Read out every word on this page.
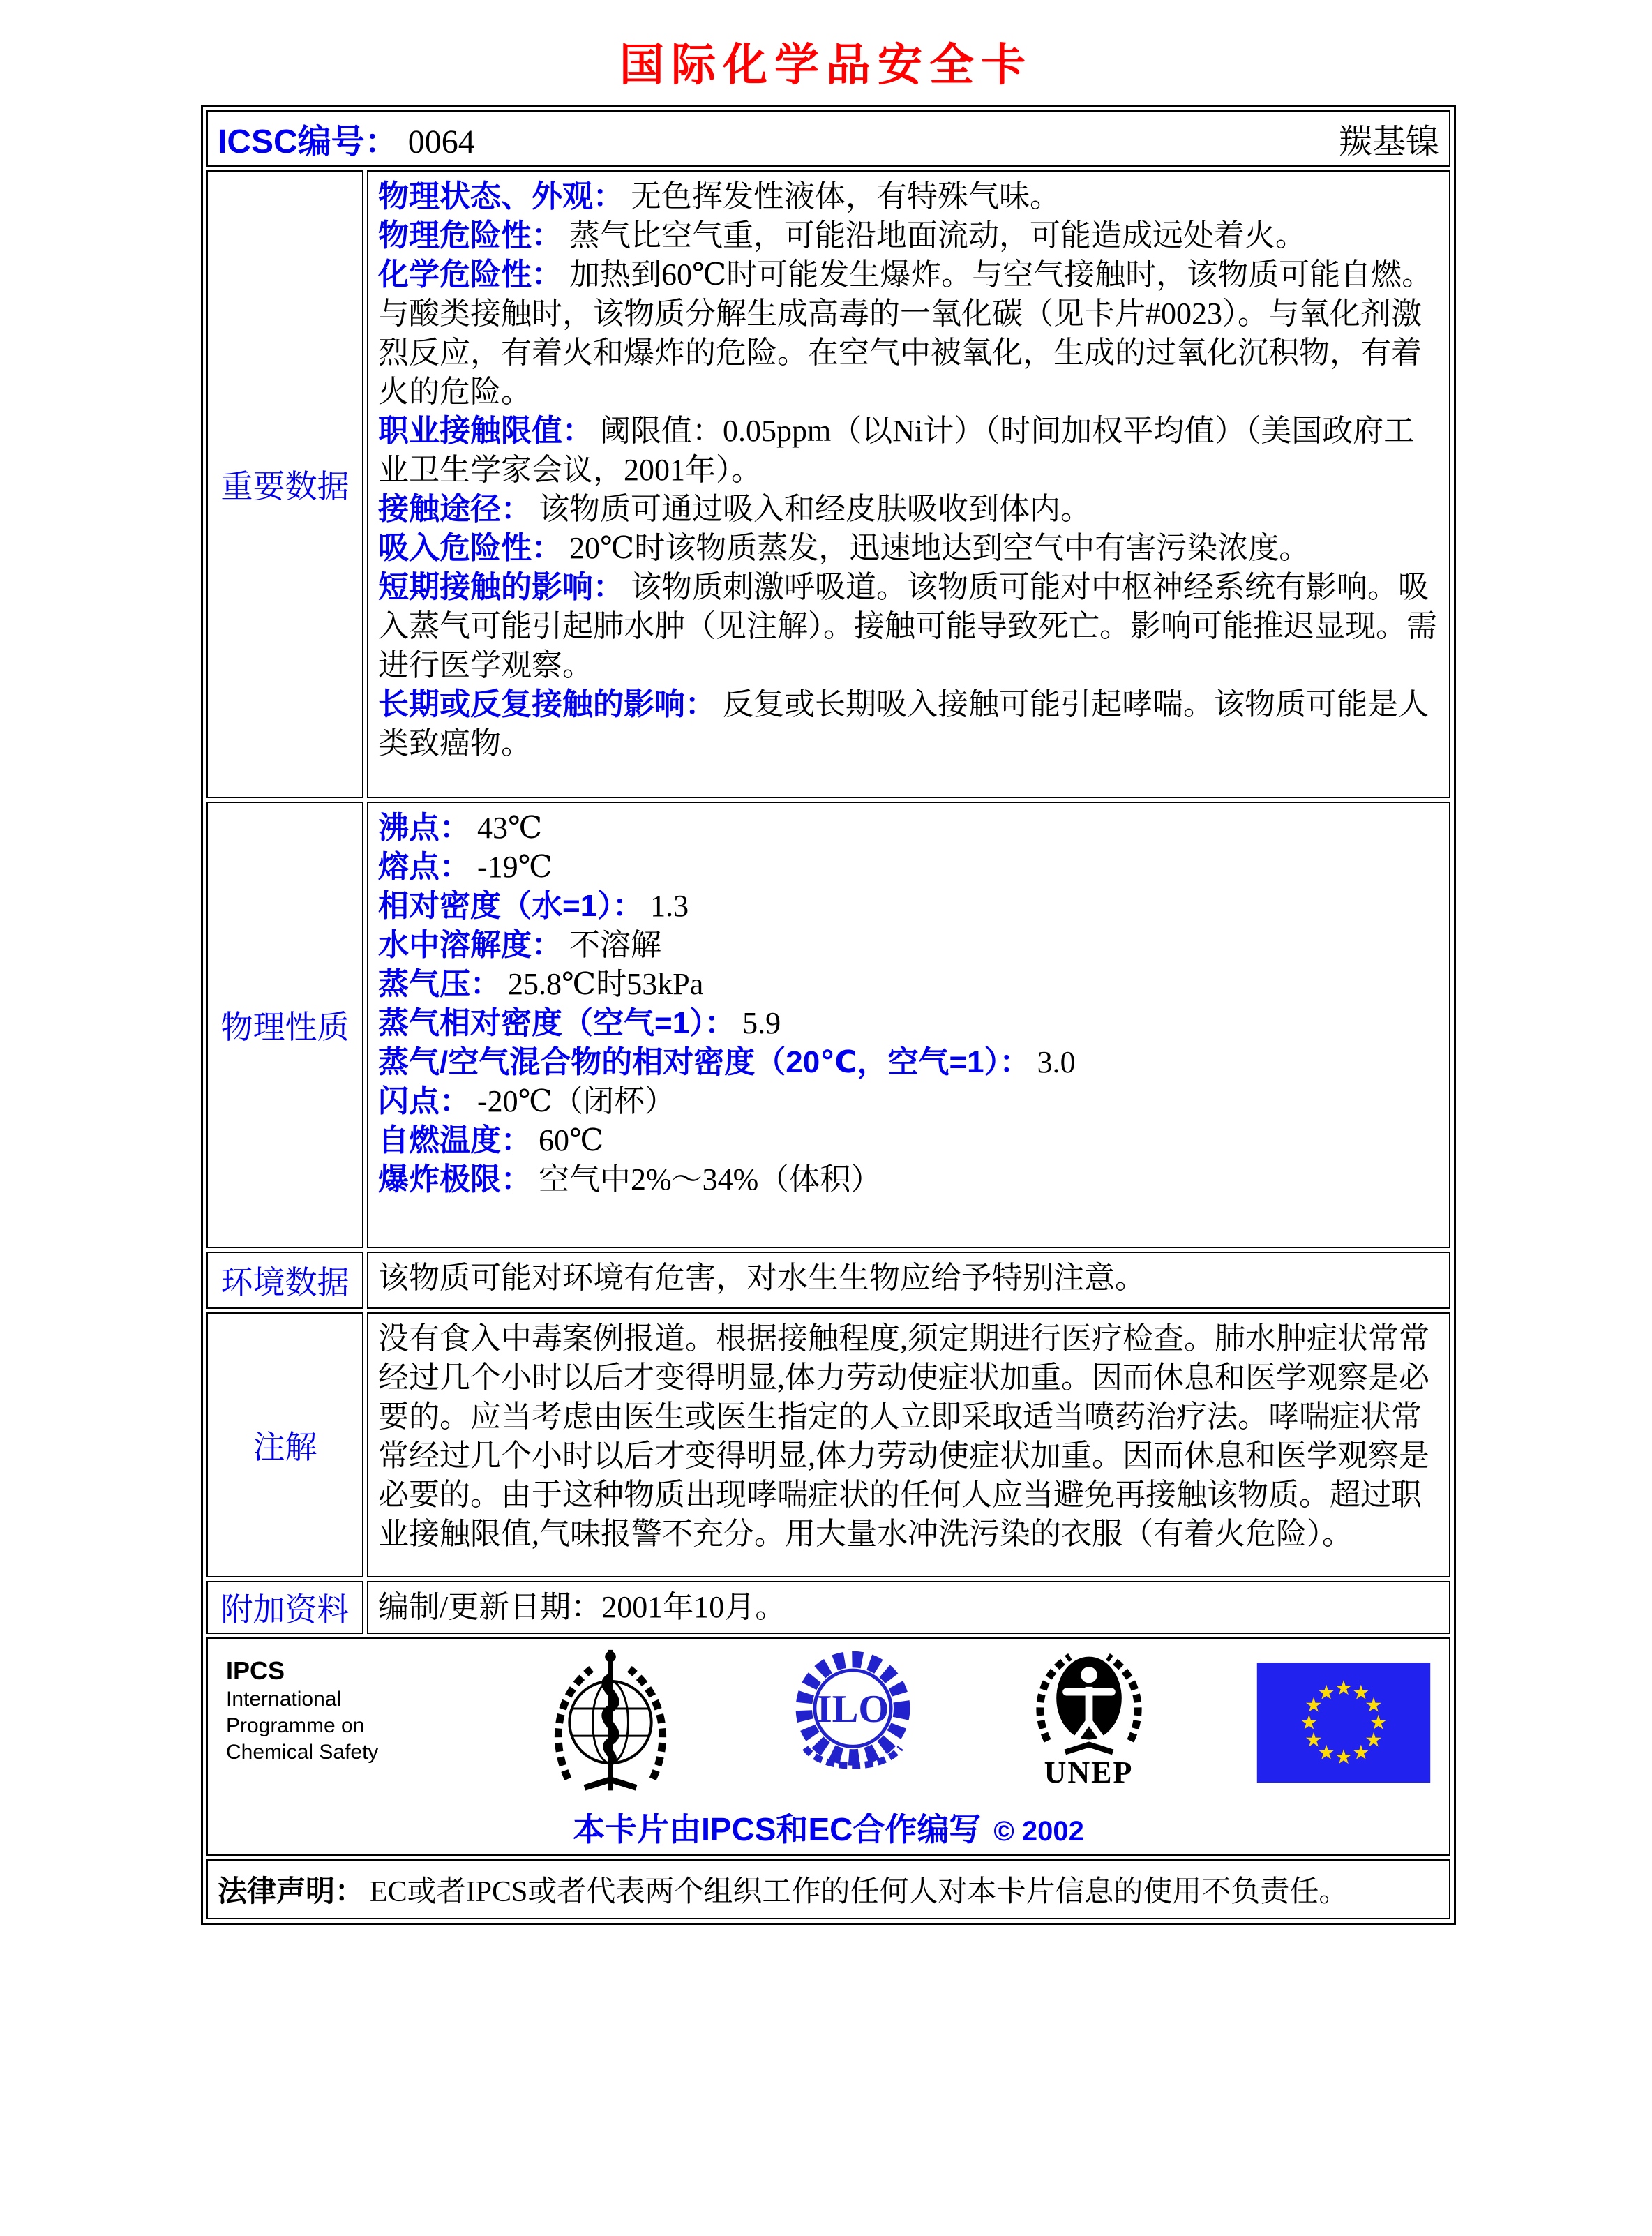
国际化学品安全卡
ICSC编号： 0064 羰基镍	

重要数据	
物理状态、外观： 无色挥发性液体，有特殊气味。
物理危险性： 蒸气比空气重，可能沿地面流动，可能造成远处着火。
化学危险性： 加热到60℃时可能发生爆炸。与空气接触时，该物质可能自燃。与酸类接触时，该物质分解生成高毒的一氧化碳（见卡片#0023）。与氧化剂激烈反应，有着火和爆炸的危险。在空气中被氧化，生成的过氧化沉积物，有着火的危险。
职业接触限值： 阈限值：0.05ppm（以Ni计）（时间加权平均值）（美国政府工业卫生学家会议，2001年）。
接触途径： 该物质可通过吸入和经皮肤吸收到体内。
吸入危险性： 20℃时该物质蒸发，迅速地达到空气中有害污染浓度。
短期接触的影响： 该物质刺激呼吸道。该物质可能对中枢神经系统有影响。吸入蒸气可能引起肺水肿（见注解）。接触可能导致死亡。影响可能推迟显现。需进行医学观察。
长期或反复接触的影响： 反复或长期吸入接触可能引起哮喘。该物质可能是人类致癌物。

物理性质	
沸点： 43℃
熔点： -19℃
相对密度（水=1）： 1.3
水中溶解度： 不溶解
蒸气压： 25.8℃时53kPa
蒸气相对密度（空气=1）： 5.9
蒸气/空气混合物的相对密度（20℃，空气=1）： 3.0
闪点： -20℃（闭杯）
自燃温度： 60℃
爆炸极限： 空气中2%～34%（体积）

环境数据	该物质可能对环境有危害，对水生生物应给予特别注意。
注解	没有食入中毒案例报道。根据接触程度,须定期进行医疗检查。肺水肿症状常常经过几个小时以后才变得明显,体力劳动使症状加重。因而休息和医学观察是必要的。应当考虑由医生或医生指定的人立即采取适当喷药治疗法。哮喘症状常常经过几个小时以后才变得明显,体力劳动使症状加重。因而休息和医学观察是必要的。由于这种物质出现哮喘症状的任何人应当避免再接触该物质。超过职业接触限值,气味报警不充分。用大量水冲洗污染的衣服（有着火危险）。
附加资料	编制/更新日期：2001年10月。

IPCS
International
Programme on
Chemical Safety
ILO
UNEP
★ ★
★
★
★
★
★
★
★
★
★
★
本卡片由IPCS和EC合作编写 © 2002

法律声明： EC或者IPCS或者代表两个组织工作的任何人对本卡片信息的使用不负责任。	
